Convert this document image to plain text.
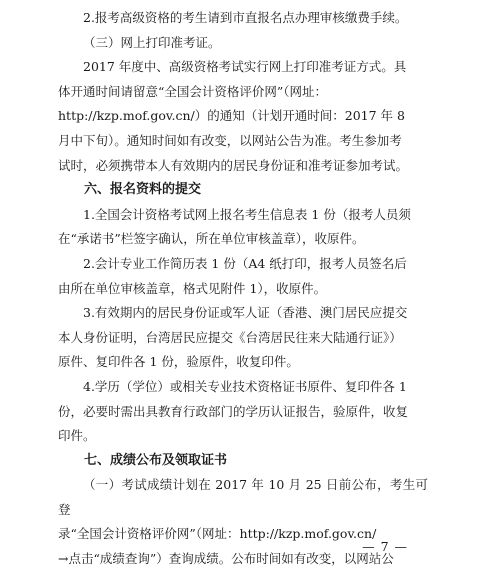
2.报考高级资格的考生请到市直报名点办理审核缴费手续。

（三）网上打印准考证。

2017 年度中、高级资格考试实行网上打印准考证方式。具
体开通时间请留意“全国会计资格评价网”（网址：
http://kzp.mof.gov.cn/）的通知（计划开通时间：2017 年 8
月中下旬）。通知时间如有改变，以网站公告为准。考生参加考
试时，必须携带本人有效期内的居民身份证和准考证参加考试。

六、报名资料的提交

1.全国会计资格考试网上报名考生信息表 1 份（报考人员须
在“承诺书”栏签字确认，所在单位审核盖章），收原件。

2.会计专业工作简历表 1 份（A4 纸打印，报考人员签名后
由所在单位审核盖章，格式见附件 1），收原件。

3.有效期内的居民身份证或军人证（香港、澳门居民应提交
本人身份证明，台湾居民应提交《台湾居民往来大陆通行证》）
原件、复印件各 1 份，验原件，收复印件。

4.学历（学位）或相关专业技术资格证书原件、复印件各 1
份，必要时需出具教育行政部门的学历认证报告，验原件，收复
印件。

七、成绩公布及领取证书

（一）考试成绩计划在 2017 年 10 月 25 日前公布，考生可登
录“全国会计资格评价网”（网址：http://kzp.mof.gov.cn/
→点击“成绩查询”）查询成绩。公布时间如有改变，以网站公

— 7 —
